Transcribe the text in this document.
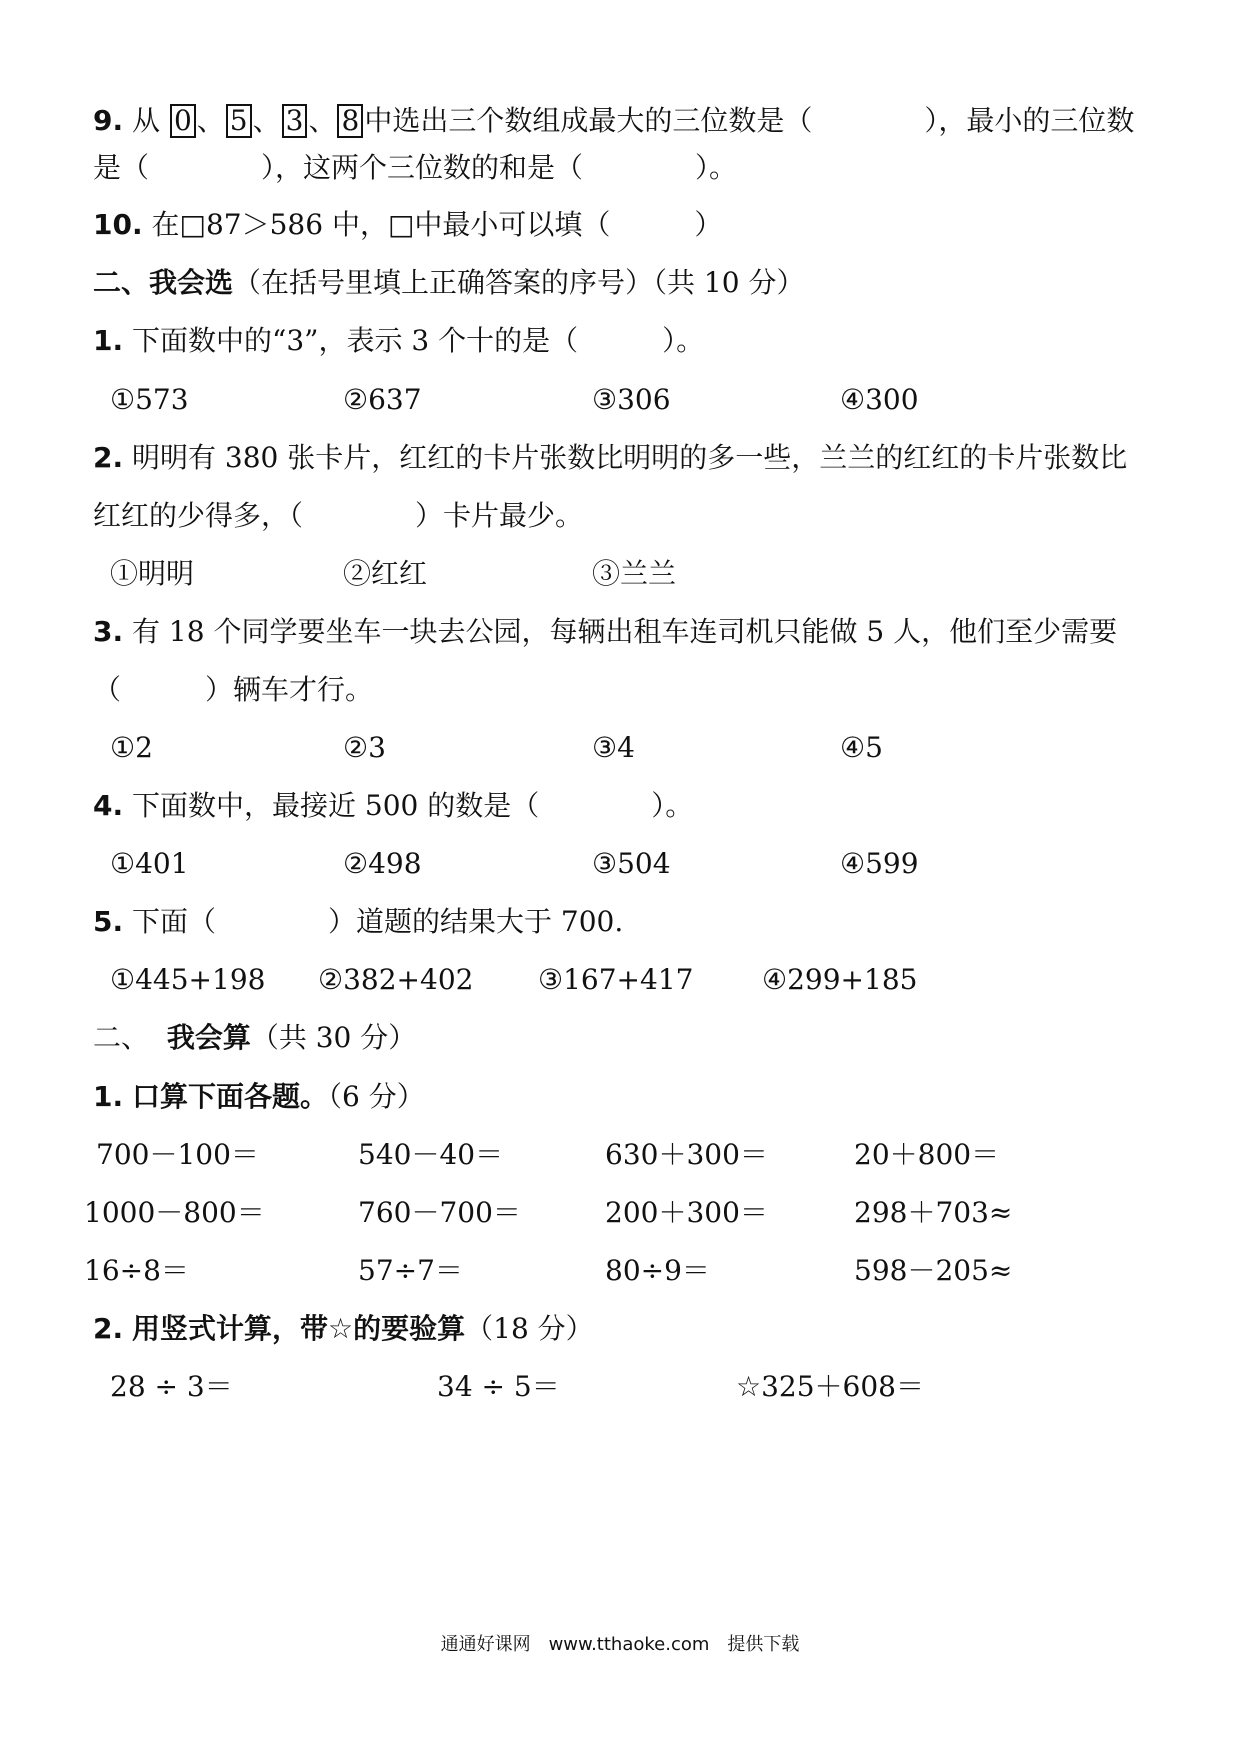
9. 从 0 、 5 、 3 、 8 中选出三个数组成最大的三位数是（　　　　），最小的三位数
是（　　　　），这两个三位数的和是（　　　　）。
10. 在□87＞586 中，□中最小可以填（　　　）
二、我会选（在括号里填上正确答案的序号）（共 10 分）
1. 下面数中的“3”，表示 3 个十的是（　　　）。
①573	②637	③306	④300
2. 明明有 380 张卡片，红红的卡片张数比明明的多一些，兰兰的红红的卡片张数比
红红的少得多，（　　　　）卡片最少。
①明明	②红红	③兰兰
3. 有 18 个同学要坐车一块去公园，每辆出租车连司机只能做 5 人，他们至少需要
（　　　）辆车才行。
①2	②3	③4	④5
4. 下面数中，最接近 500 的数是（　　　　）。
①401	②498	③504	④599
5. 下面（　　　　）道题的结果大于 700.
①445+198 ②382+402 ③167+417 ④299+185
二、 我会算（共 30 分）
1. 口算下面各题。（6 分）
700－100＝	540－40＝	630＋300＝	20＋800＝
1000－800＝	760－700＝	200＋300＝	298＋703≈
16÷8＝	57÷7＝	80÷9＝	598－205≈
2. 用竖式计算，带☆的要验算（18 分）
28 ÷ 3＝	34 ÷ 5＝	☆325＋608＝
通通好课网　www.tthaoke.com　提供下载
